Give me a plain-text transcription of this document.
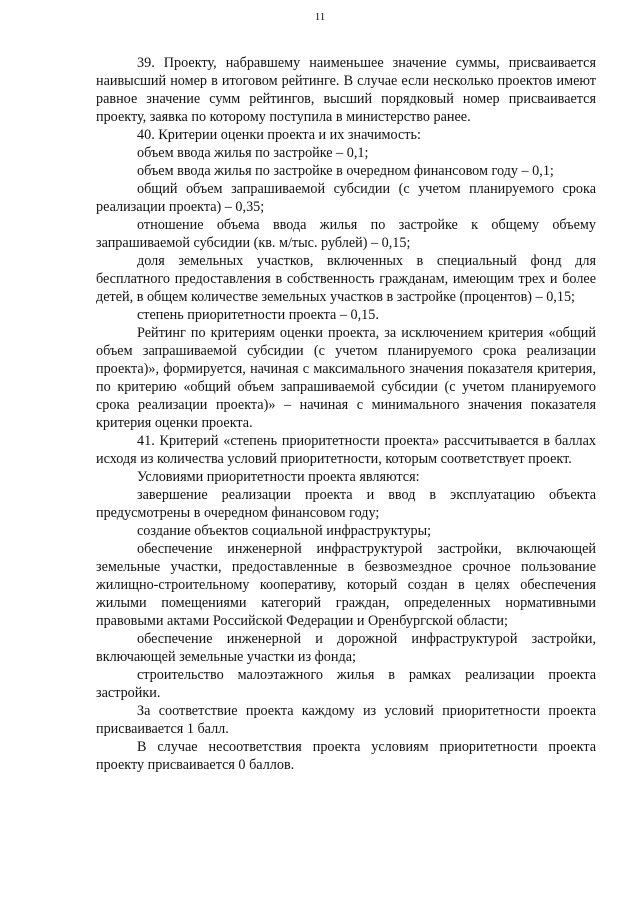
11

39. Проекту, набравшему наименьшее значение суммы, присваивается наивысший номер в итоговом рейтинге. В случае если несколько проектов имеют равное значение сумм рейтингов, высший порядковый номер присваивается проекту, заявка по которому поступила в министерство ранее.

40. Критерии оценки проекта и их значимость:

объем ввода жилья по застройке – 0,1;

объем ввода жилья по застройке в очередном финансовом году – 0,1;

общий объем запрашиваемой субсидии (с учетом планируемого срока реализации проекта) – 0,35;

отношение объема ввода жилья по застройке к общему объему запрашиваемой субсидии (кв. м/тыс. рублей) – 0,15;

доля земельных участков, включенных в специальный фонд для бесплатного предоставления в собственность гражданам, имеющим трех и более детей, в общем количестве земельных участков в застройке (процентов) – 0,15;

степень приоритетности проекта – 0,15.

Рейтинг по критериям оценки проекта, за исключением критерия «общий объем запрашиваемой субсидии (с учетом планируемого срока реализации проекта)», формируется, начиная с максимального значения показателя критерия, по критерию «общий объем запрашиваемой субсидии (с учетом планируемого срока реализации проекта)» – начиная с минимального значения показателя критерия оценки проекта.

41. Критерий «степень приоритетности проекта» рассчитывается в баллах исходя из количества условий приоритетности, которым соответствует проект.

Условиями приоритетности проекта являются:

завершение реализации проекта и ввод в эксплуатацию объекта предусмотрены в очередном финансовом году;

создание объектов социальной инфраструктуры;

обеспечение инженерной инфраструктурой застройки, включающей земельные участки, предоставленные в безвозмездное срочное пользование жилищно-строительному кооперативу, который создан в целях обеспечения жилыми помещениями категорий граждан, определенных нормативными правовыми актами Российской Федерации и Оренбургской области;

обеспечение инженерной и дорожной инфраструктурой застройки, включающей земельные участки из фонда;

строительство малоэтажного жилья в рамках реализации проекта застройки.

За соответствие проекта каждому из условий приоритетности проекта присваивается 1 балл.

В случае несоответствия проекта условиям приоритетности проекта проекту присваивается 0 баллов.
